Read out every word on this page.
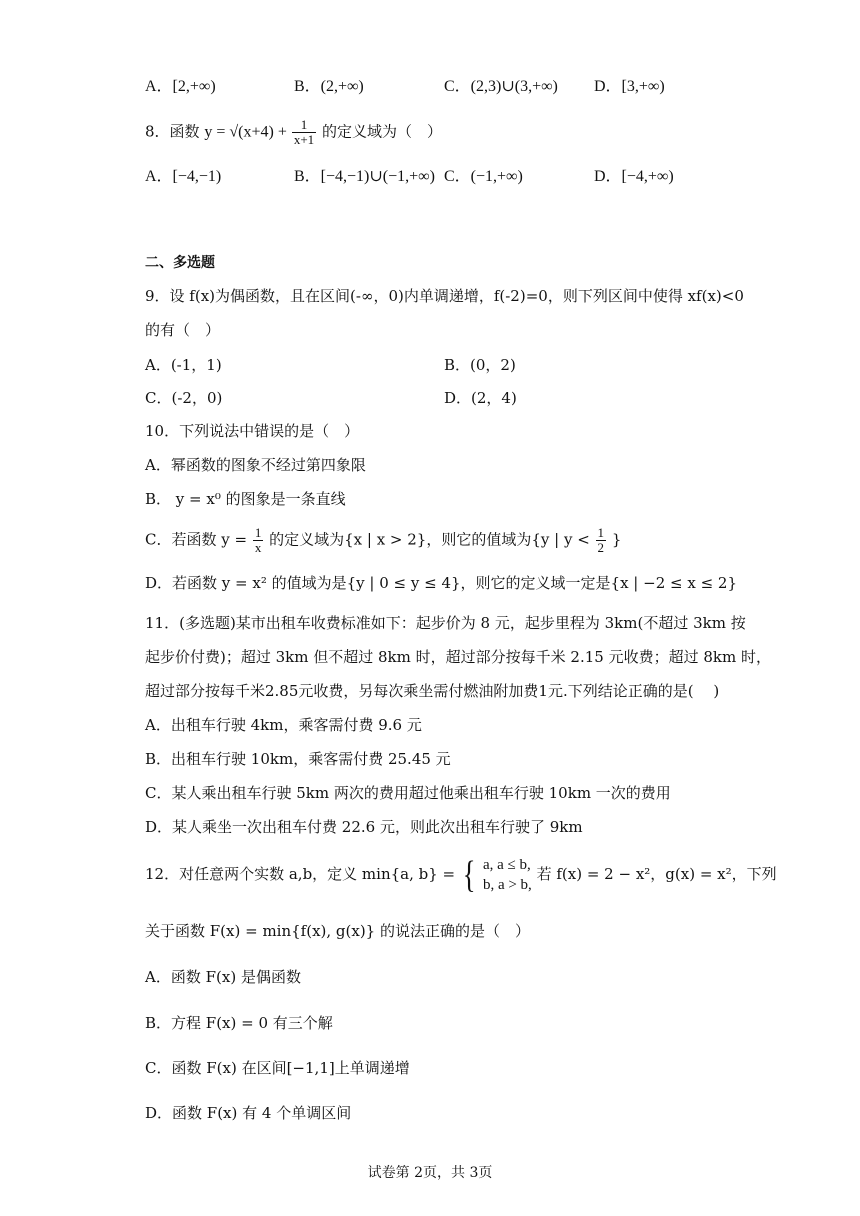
A．[2,+∞)	B．(2,+∞)	C．(2,3)∪(3,+∞) D．[3,+∞)
8．函数 $y = √(x+4) + \frac{1}{x+1}$ 的定义域为（　）
A．[−4,−1)	B．[−4,−1)∪(−1,+∞) C．(−1,+∞)	D．[−4,+∞)
二、多选题
9．设 f(x)为偶函数，且在区间(-∞，0)内单调递增，f(-2)=0，则下列区间中使得 xf(x)<0
的有（　）
A．(-1，1)	B．(0，2)
C．(-2，0)	D．(2，4)
10．下列说法中错误的是（　）
A．幂函数的图象不经过第四象限
B． y = x⁰ 的图象是一条直线
C．若函数 $y = \frac{1}{x}$ 的定义域为{x | x > 2}，则它的值域为{y | $y < \frac{1}{2}$ }
D．若函数 y = x² 的值域为是{y | 0 ≤ y ≤ 4}，则它的定义域一定是{x | −2 ≤ x ≤ 2}
11．(多选题)某市出租车收费标准如下：起步价为 8 元，起步里程为 3km(不超过 3km 按
起步价付费)；超过 3km 但不超过 8km 时，超过部分按每千米 2.15 元收费；超过 8km 时，
超过部分按每千米2.85元收费，另每次乘坐需付燃油附加费1元.下列结论正确的是(　 )
A．出租车行驶 4km，乘客需付费 9.6 元
B．出租车行驶 10km，乘客需付费 25.45 元
C．某人乘出租车行驶 5km 两次的费用超过他乘出租车行驶 10km 一次的费用
D．某人乘坐一次出租车付费 22.6 元，则此次出租车行驶了 9km
12．对任意两个实数 a,b，定义 min{a, b} = { a, a ≤ b,
b, a > b,
若 f(x) = 2 − x²，g(x) = x²，下列
关于函数 F(x) = min{f(x), g(x)} 的说法正确的是（　）
A．函数 F(x) 是偶函数
B．方程 F(x) = 0 有三个解
C．函数 F(x) 在区间[−1,1]上单调递增
D．函数 F(x) 有 4 个单调区间
试卷第 2页，共 3页
